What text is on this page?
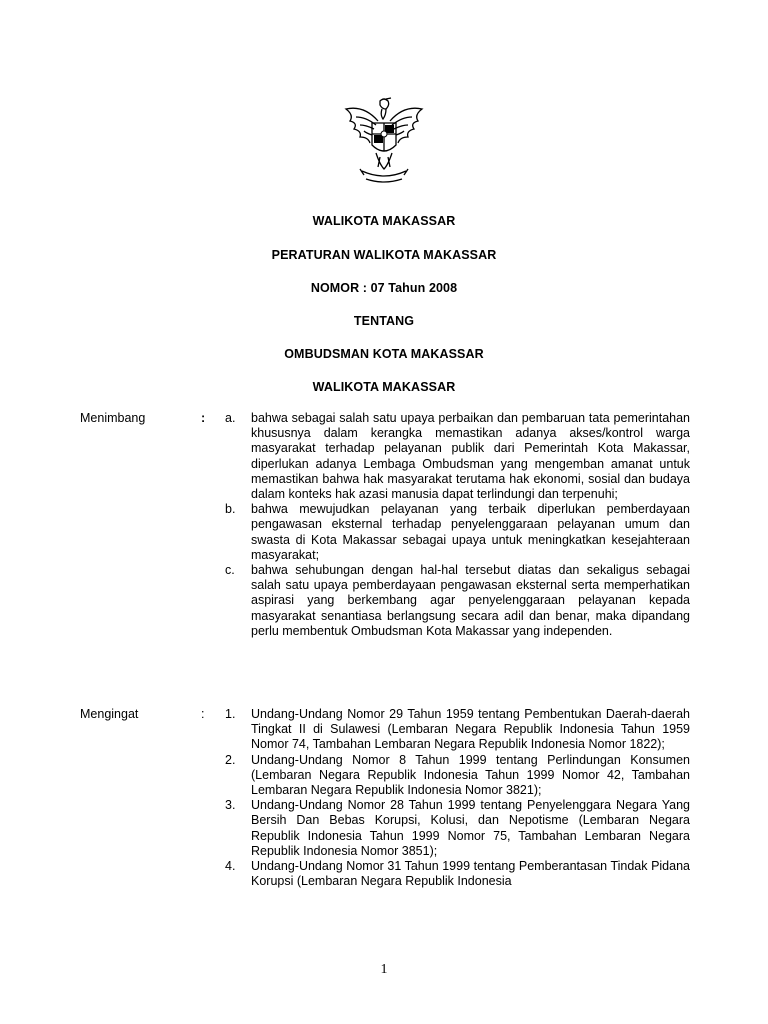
WALIKOTA MAKASSAR
PERATURAN WALIKOTA MAKASSAR
NOMOR : 07 Tahun 2008
TENTANG
OMBUDSMAN KOTA MAKASSAR
WALIKOTA MAKASSAR
Menimbang	: a. bahwa sebagai salah satu upaya perbaikan dan pembaruan tata pemerintahan khususnya dalam kerangka memastikan adanya akses/kontrol warga masyarakat terhadap pelayanan publik dari Pemerintah Kota Makassar, diperlukan adanya Lembaga Ombudsman yang mengemban amanat untuk memastikan bahwa hak masyarakat terutama hak ekonomi, sosial dan budaya dalam konteks hak azasi manusia dapat terlindungi dan terpenuhi;
b. bahwa mewujudkan pelayanan yang terbaik diperlukan pemberdayaan pengawasan eksternal terhadap penyelenggaraan pelayanan umum dan swasta di Kota Makassar sebagai upaya untuk meningkatkan kesejahteraan masyarakat;
c. bahwa sehubungan dengan hal-hal tersebut diatas dan sekaligus sebagai salah satu upaya pemberdayaan pengawasan eksternal serta memperhatikan aspirasi yang berkembang agar penyelenggaraan pelayanan kepada masyarakat senantiasa berlangsung secara adil dan benar, maka dipandang perlu membentuk Ombudsman Kota Makassar yang independen.
Mengingat	: 1. Undang-Undang Nomor 29 Tahun 1959 tentang Pembentukan Daerah-daerah Tingkat II di Sulawesi (Lembaran Negara Republik Indonesia Tahun 1959 Nomor 74, Tambahan Lembaran Negara Republik Indonesia Nomor 1822);
2. Undang-Undang Nomor 8 Tahun 1999 tentang Perlindungan Konsumen (Lembaran Negara Republik Indonesia Tahun 1999 Nomor 42, Tambahan Lembaran Negara Republik Indonesia Nomor 3821);
3. Undang-Undang Nomor 28 Tahun 1999 tentang Penyelenggara Negara Yang Bersih Dan Bebas Korupsi, Kolusi, dan Nepotisme (Lembaran Negara Republik Indonesia Tahun 1999 Nomor 75, Tambahan Lembaran Negara Republik Indonesia Nomor 3851);
4. Undang-Undang Nomor 31 Tahun 1999 tentang Pemberantasan Tindak Pidana Korupsi (Lembaran Negara Republik Indonesia
1
